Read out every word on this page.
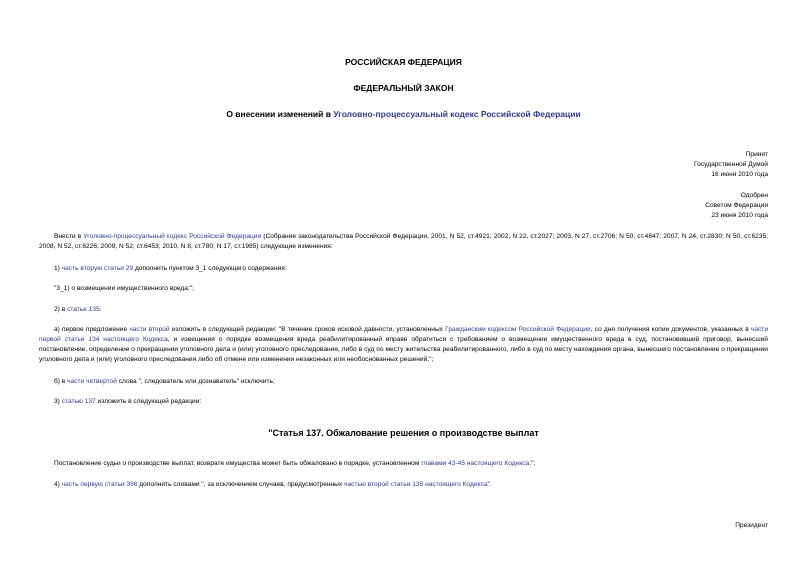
РОССИЙСКАЯ ФЕДЕРАЦИЯ
ФЕДЕРАЛЬНЫЙ ЗАКОН
О внесении изменений в Уголовно-процессуальный кодекс Российской Федерации
Принят
Государственной Думой
16 июня 2010 года
Одобрен
Советом Федерации
23 июня 2010 года
Внести в Уголовно-процессуальный кодекс Российской Федерации (Собрание законодательства Российской Федерации, 2001, N 52, ст.4921; 2002, N 22, ст.2027; 2003, N 27, ст.2706; N 50, ст.4847; 2007, N 24, ст.2830; N 50, ст.6235; 2008, N 52, ст.6226; 2009, N 52, ст.6453; 2010, N 8, ст.780; N 17, ст.1985) следующие изменения:
1) часть вторую статьи 29 дополнить пунктом 3_1 следующего содержания:
"3_1) о возмещении имущественного вреда;";
2) в статье 135:
а) первое предложение части второй изложить в следующей редакции: "В течение сроков исковой давности, установленных Гражданским кодексом Российской Федерации, со дня получения копии документов, указанных в части первой статьи 134 настоящего Кодекса, и извещения о порядке возмещения вреда реабилитированный вправе обратиться с требованием о возмещении имущественного вреда в суд, постановивший приговор, вынесший постановление, определение о прекращении уголовного дела и (или) уголовного преследования, либо в суд по месту жительства реабилитированного, либо в суд по месту нахождения органа, вынесшего постановление о прекращении уголовного дела и (или) уголовного преследования либо об отмене или изменении незаконных или необоснованных решений.";
б) в части четвертой слова ", следователь или дознаватель" исключить;
3) статью 137 изложить в следующей редакции:
"Статья 137. Обжалование решения о производстве выплат
Постановление судьи о производстве выплат, возврате имущества может быть обжаловано в порядке, установленном главами 43-45 настоящего Кодекса.";
4) часть первую статьи 396 дополнить словами ", за исключением случаев, предусмотренных частью второй статьи 135 настоящего Кодекса".
Президент
